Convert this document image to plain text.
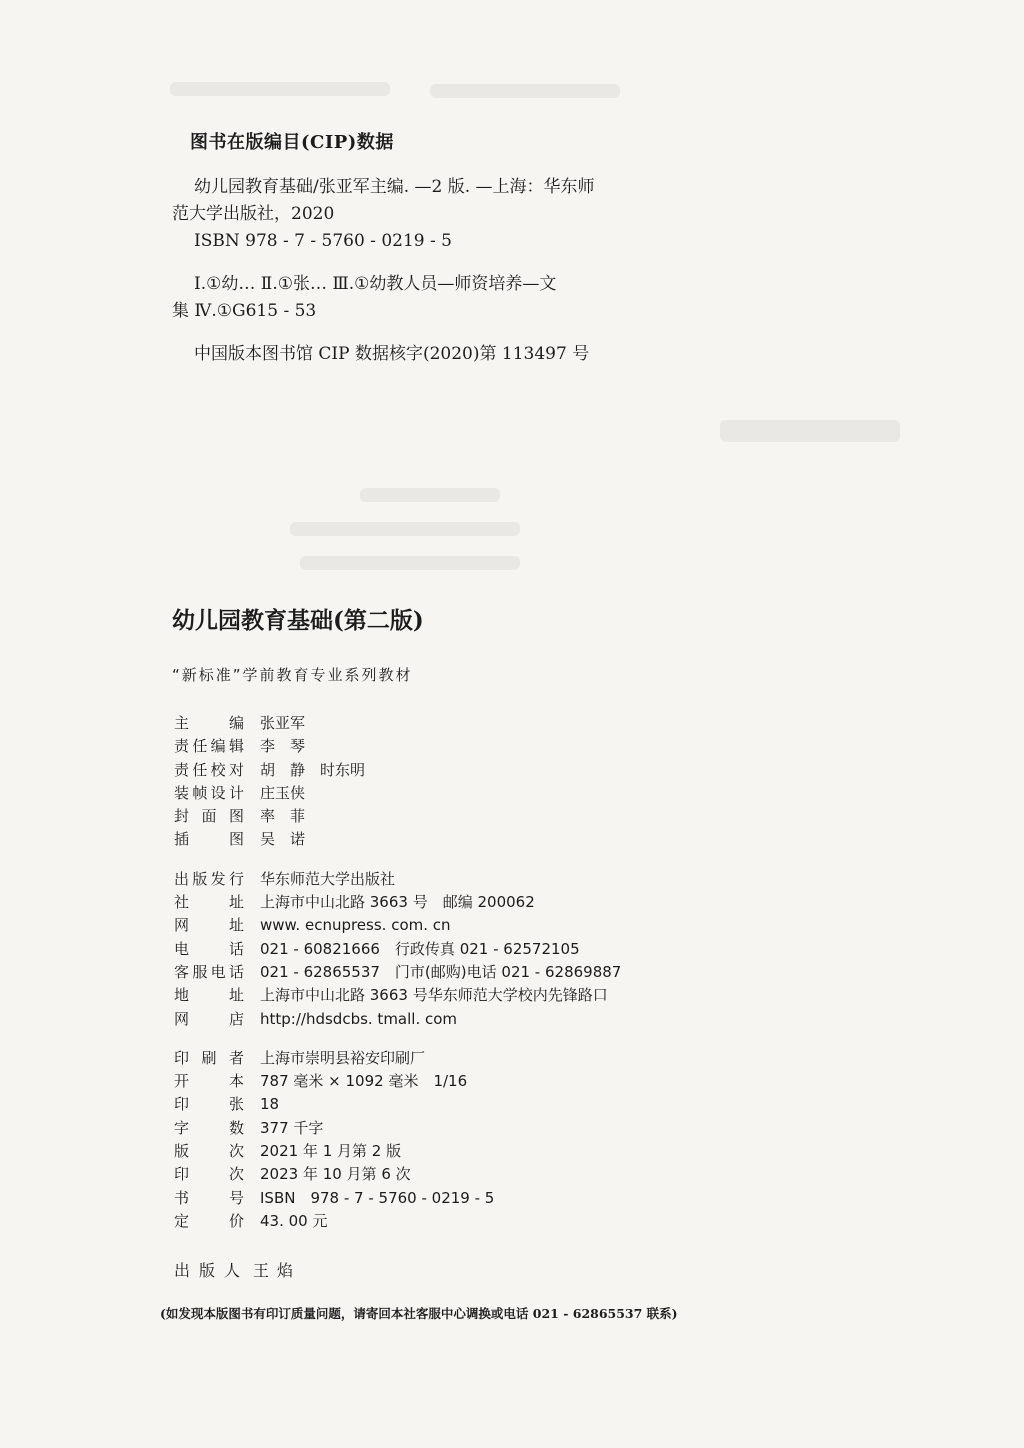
图书在版编目(CIP)数据
幼儿园教育基础/张亚军主编. —2 版. —上海：华东师
范大学出版社，2020
ISBN 978 - 7 - 5760 - 0219 - 5
Ⅰ.①幼… Ⅱ.①张… Ⅲ.①幼教人员—师资培养—文
集 Ⅳ.①G615 - 53
中国版本图书馆 CIP 数据核字(2020)第 113497 号
幼儿园教育基础(第二版)
“新标准”学前教育专业系列教材
主编 张亚军
责任编辑 李　琴
责任校对 胡　静　时东明
装帧设计 庄玉侠
封面图 率　菲
插图 吴　诺
出版发行 华东师范大学出版社
社址 上海市中山北路 3663 号　邮编 200062
网址 www. ecnupress. com. cn
电话 021 - 60821666　行政传真 021 - 62572105
客服电话 021 - 62865537　门市(邮购)电话 021 - 62869887
地址 上海市中山北路 3663 号华东师范大学校内先锋路口
网店 http://hdsdcbs. tmall. com
印刷者 上海市崇明县裕安印刷厂
开本 787 毫米 × 1092 毫米　1/16
印张 18
字数 377 千字
版次 2021 年 1 月第 2 版
印次 2023 年 10 月第 6 次
书号 ISBN　978 - 7 - 5760 - 0219 - 5
定价 43. 00 元
出版人 王焰
(如发现本版图书有印订质量问题，请寄回本社客服中心调换或电话 021 - 62865537 联系)
